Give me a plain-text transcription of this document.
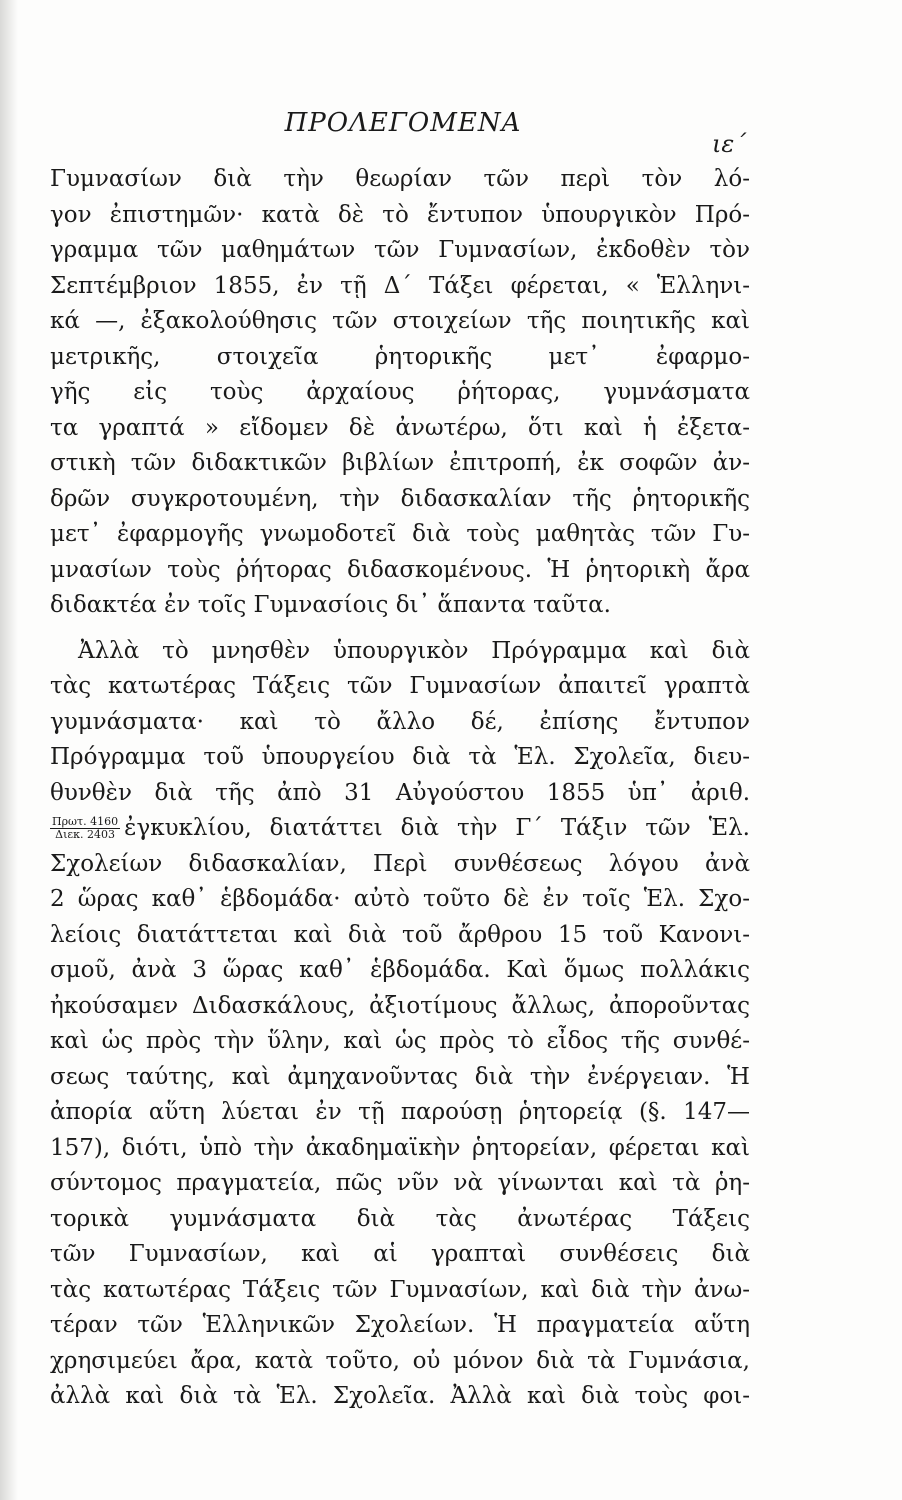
ΠΡΟΛΕΓΟΜΕΝΑ
ιε΄
Γυμνασίων διὰ τὴν θεωρίαν τῶν περὶ τὸν λό-
γον ἐπιστημῶν· κατὰ δὲ τὸ ἔντυπον ὑπουργικὸν Πρό-
γραμμα τῶν μαθημάτων τῶν Γυμνασίων, ἐκδοθὲν τὸν
Σεπτέμβριον 1855, ἐν τῇ Δ΄ Τάξει φέρεται, « Ἑλληνι-
κά —, ἐξακολούθησις τῶν στοιχείων τῆς ποιητικῆς καὶ
μετρικῆς, στοιχεῖα ῥητορικῆς μετ᾽ ἐφαρμο-
γῆς εἰς τοὺς ἀρχαίους ῥήτορας, γυμνάσματα
τα γραπτά » εἴδομεν δὲ ἀνωτέρω, ὅτι καὶ ἡ ἐξετα-
στικὴ τῶν διδακτικῶν βιβλίων ἐπιτροπή, ἐκ σοφῶν ἀν-
δρῶν συγκροτουμένη, τὴν διδασκαλίαν τῆς ῥητορικῆς
μετ᾽ ἐφαρμογῆς γνωμοδοτεῖ διὰ τοὺς μαθητὰς τῶν Γυ-
μνασίων τοὺς ῥήτορας διδασκομένους. Ἡ ῥητορικὴ ἄρα
διδακτέα ἐν τοῖς Γυμνασίοις δι᾽ ἅπαντα ταῦτα.
Ἀλλὰ τὸ μνησθὲν ὑπουργικὸν Πρόγραμμα καὶ διὰ
τὰς κατωτέρας Τάξεις τῶν Γυμνασίων ἀπαιτεῖ γραπτὰ
γυμνάσματα· καὶ τὸ ἄλλο δέ, ἐπίσης ἔντυπον
Πρόγραμμα τοῦ ὑπουργείου διὰ τὰ Ἑλ. Σχολεῖα, διευ-
θυνθὲν διὰ τῆς ἀπὸ 31 Αὐγούστου 1855 ὑπ᾽ ἀριθ.
$\frac{\text{Πρωτ. 4160}}{\text{Διεκ. 2403}}$ ἐγκυκλίου, διατάττει διὰ τὴν Γ΄ Τάξιν τῶν Ἑλ.
Σχολείων διδασκαλίαν, Περὶ συνθέσεως λόγου ἀνὰ
2 ὥρας καθ᾽ ἑβδομάδα· αὐτὸ τοῦτο δὲ ἐν τοῖς Ἑλ. Σχο-
λείοις διατάττεται καὶ διὰ τοῦ ἄρθρου 15 τοῦ Κανονι-
σμοῦ, ἀνὰ 3 ὥρας καθ᾽ ἑβδομάδα. Καὶ ὅμως πολλάκις
ἠκούσαμεν Διδασκάλους, ἀξιοτίμους ἄλλως, ἀποροῦντας
καὶ ὡς πρὸς τὴν ὕλην, καὶ ὡς πρὸς τὸ εἶδος τῆς συνθέ-
σεως ταύτης, καὶ ἀμηχανοῦντας διὰ τὴν ἐνέργειαν. Ἡ
ἀπορία αὕτη λύεται ἐν τῇ παρούσῃ ῥητορείᾳ (§. 147—
157), διότι, ὑπὸ τὴν ἀκαδημαϊκὴν ῥητορείαν, φέρεται καὶ
σύντομος πραγματεία, πῶς νῦν νὰ γίνωνται καὶ τὰ ῥη-
τορικὰ γυμνάσματα διὰ τὰς ἀνωτέρας Τάξεις
τῶν Γυμνασίων, καὶ αἱ γραπταὶ συνθέσεις διὰ
τὰς κατωτέρας Τάξεις τῶν Γυμνασίων, καὶ διὰ τὴν ἀνω-
τέραν τῶν Ἑλληνικῶν Σχολείων. Ἡ πραγματεία αὕτη
χρησιμεύει ἄρα, κατὰ τοῦτο, οὐ μόνον διὰ τὰ Γυμνάσια,
ἀλλὰ καὶ διὰ τὰ Ἑλ. Σχολεῖα. Ἀλλὰ καὶ διὰ τοὺς φοι-
